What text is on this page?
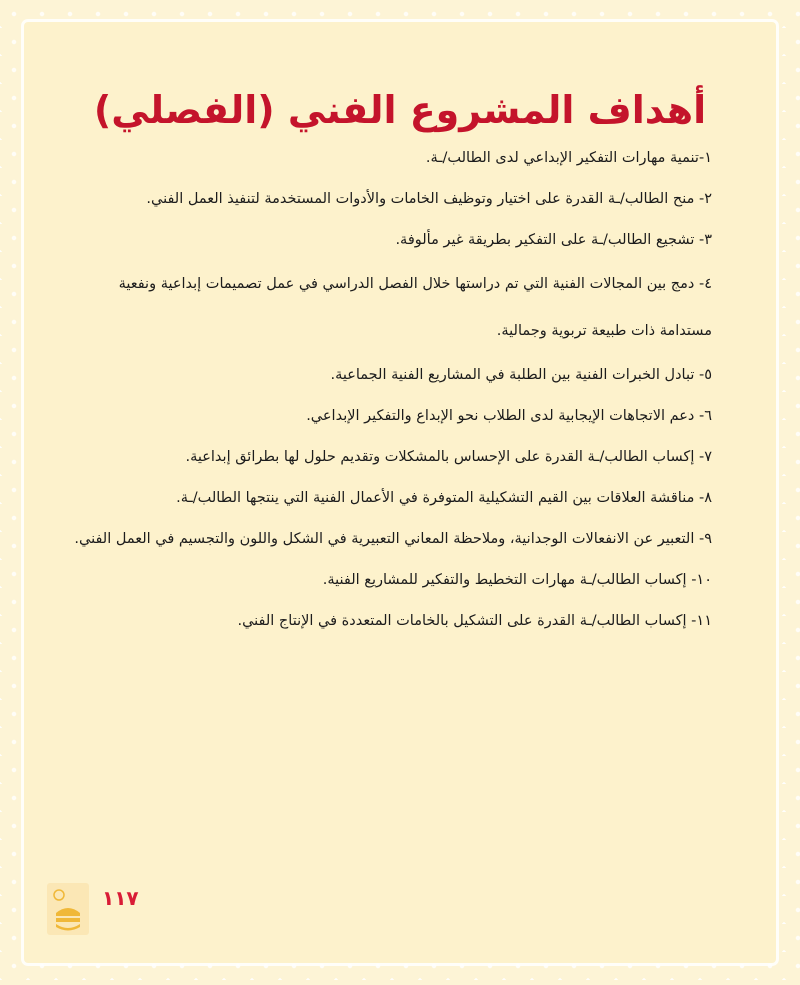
أهداف المشروع الفني (الفصلي)
١-تنمية مهارات التفكير الإبداعي لدى الطالب/ـة.
٢- منح الطالب/ـة القدرة على اختيار وتوظيف الخامات والأدوات المستخدمة لتنفيذ العمل الفني.
٣- تشجيع الطالب/ـة على التفكير بطريقة غير مألوفة.
٤- دمج بين المجالات الفنية التي تم دراستها خلال الفصل الدراسي في عمل تصميمات إبداعية ونفعية مستدامة ذات طبيعة تربوية وجمالية.
٥- تبادل الخبرات الفنية بين الطلبة في المشاريع الفنية الجماعية.
٦- دعم الاتجاهات الإيجابية لدى الطلاب نحو الإبداع والتفكير الإبداعي.
٧- إكساب الطالب/ـة القدرة على الإحساس بالمشكلات وتقديم حلول لها بطرائق إبداعية.
٨- مناقشة العلاقات بين القيم التشكيلية المتوفرة في الأعمال الفنية التي ينتجها الطالب/ـة.
٩- التعبير عن الانفعالات الوجدانية، وملاحظة المعاني التعبيرية في الشكل واللون والتجسيم في العمل الفني.
١٠- إكساب الطالب/ـة مهارات التخطيط والتفكير للمشاريع الفنية.
١١- إكساب الطالب/ـة القدرة على التشكيل بالخامات المتعددة في الإنتاج الفني.
١١٧
